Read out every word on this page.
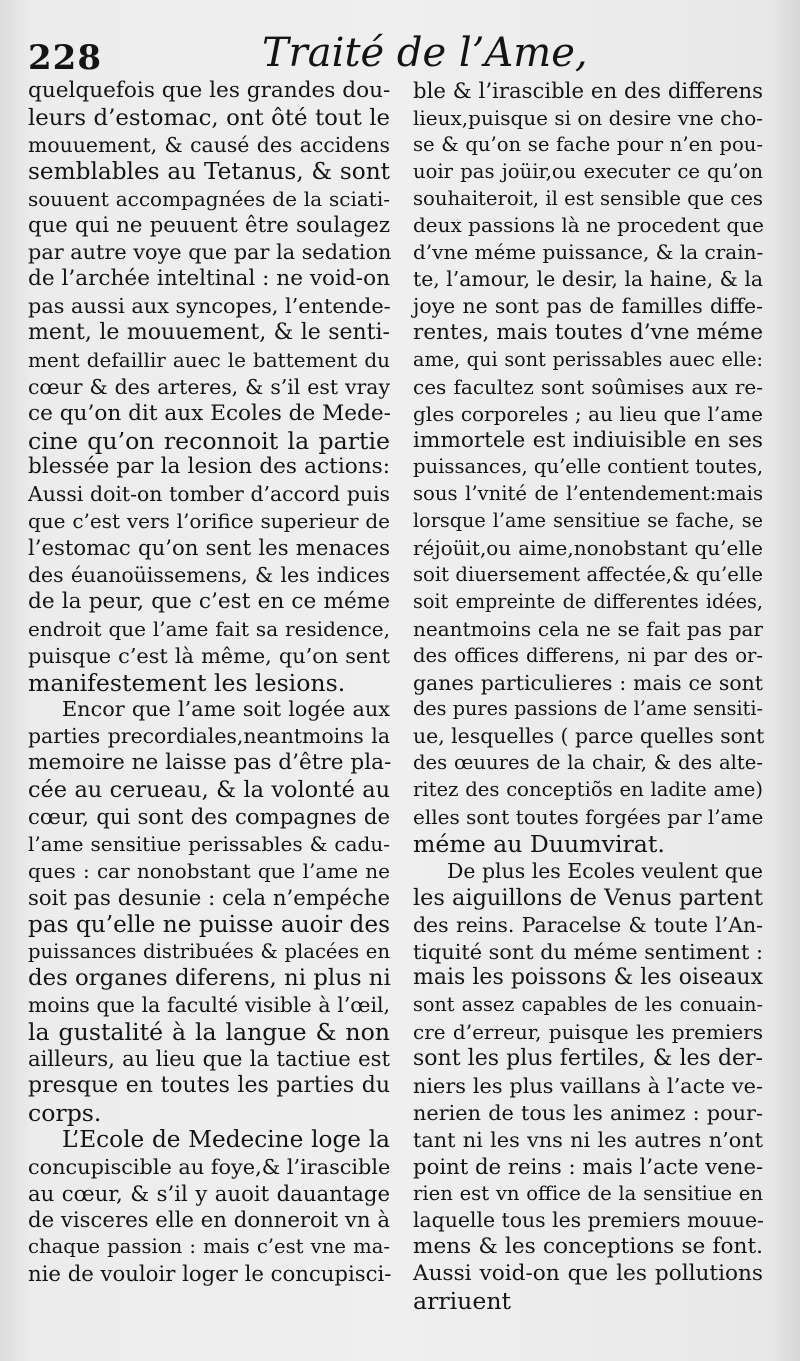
228	Traité de l’Ame,
quelquefois que les grandes dou-
leurs d’estomac, ont ôté tout le
mouuement, & causé des accidens
semblables au Tetanus, & sont
souuent accompagnées de la sciati-
que qui ne peuuent être soulagez
par autre voye que par la sedation
de l’archée inteltinal : ne void-on
pas aussi aux syncopes, l’entende-
ment, le mouuement, & le senti-
ment defaillir auec le battement du
cœur & des arteres, & s’il est vray
ce qu’on dit aux Ecoles de Mede-
cine qu’on reconnoit la partie
blessée par la lesion des actions:
Aussi doit-on tomber d’accord puis
que c’est vers l’orifice superieur de
l’estomac qu’on sent les menaces
des éuanoüissemens, & les indices
de la peur, que c’est en ce méme
endroit que l’ame fait sa residence,
puisque c’est là même, qu’on sent
manifestement les lesions.
Encor que l’ame soit logée aux
parties precordiales,neantmoins la
memoire ne laisse pas d’être pla-
cée au cerueau, & la volonté au
cœur, qui sont des compagnes de
l’ame sensitiue perissables & cadu-
ques : car nonobstant que l’ame ne
soit pas desunie : cela n’empéche
pas qu’elle ne puisse auoir des
puissances distribuées & placées en
des organes diferens, ni plus ni
moins que la faculté visible à l’œil,
la gustalité à la langue & non
ailleurs, au lieu que la tactiue est
presque en toutes les parties du
corps.
L’Ecole de Medecine loge la
concupiscible au foye,& l’irascible
au cœur, & s’il y auoit dauantage
de visceres elle en donneroit vn à
chaque passion : mais c’est vne ma-
nie de vouloir loger le concupisci-
ble & l’irascible en des differens
lieux,puisque si on desire vne cho-
se & qu’on se fache pour n’en pou-
uoir pas joüir,ou executer ce qu’on
souhaiteroit, il est sensible que ces
deux passions là ne procedent que
d’vne méme puissance, & la crain-
te, l’amour, le desir, la haine, & la
joye ne sont pas de familles diffe-
rentes, mais toutes d’vne méme
ame, qui sont perissables auec elle:
ces facultez sont soûmises aux re-
gles corporeles ; au lieu que l’ame
immortele est indiuisible en ses
puissances, qu’elle contient toutes,
sous l’vnité de l’entendement:mais
lorsque l’ame sensitiue se fache, se
réjoüit,ou aime,nonobstant qu’elle
soit diuersement affectée,& qu’elle
soit empreinte de differentes idées,
neantmoins cela ne se fait pas par
des offices differens, ni par des or-
ganes particulieres : mais ce sont
des pures passions de l’ame sensiti-
ue, lesquelles ( parce quelles sont
des œuures de la chair, & des alte-
ritez des conceptiõs en ladite ame)
elles sont toutes forgées par l’ame
méme au Duumvirat.
De plus les Ecoles veulent que
les aiguillons de Venus partent
des reins. Paracelse & toute l’An-
tiquité sont du méme sentiment :
mais les poissons & les oiseaux
sont assez capables de les conuain-
cre d’erreur, puisque les premiers
sont les plus fertiles, & les der-
niers les plus vaillans à l’acte ve-
nerien de tous les animez : pour-
tant ni les vns ni les autres n’ont
point de reins : mais l’acte vene-
rien est vn office de la sensitiue en
laquelle tous les premiers mouue-
mens & les conceptions se font.
Aussi void-on que les pollutions
arriuent
